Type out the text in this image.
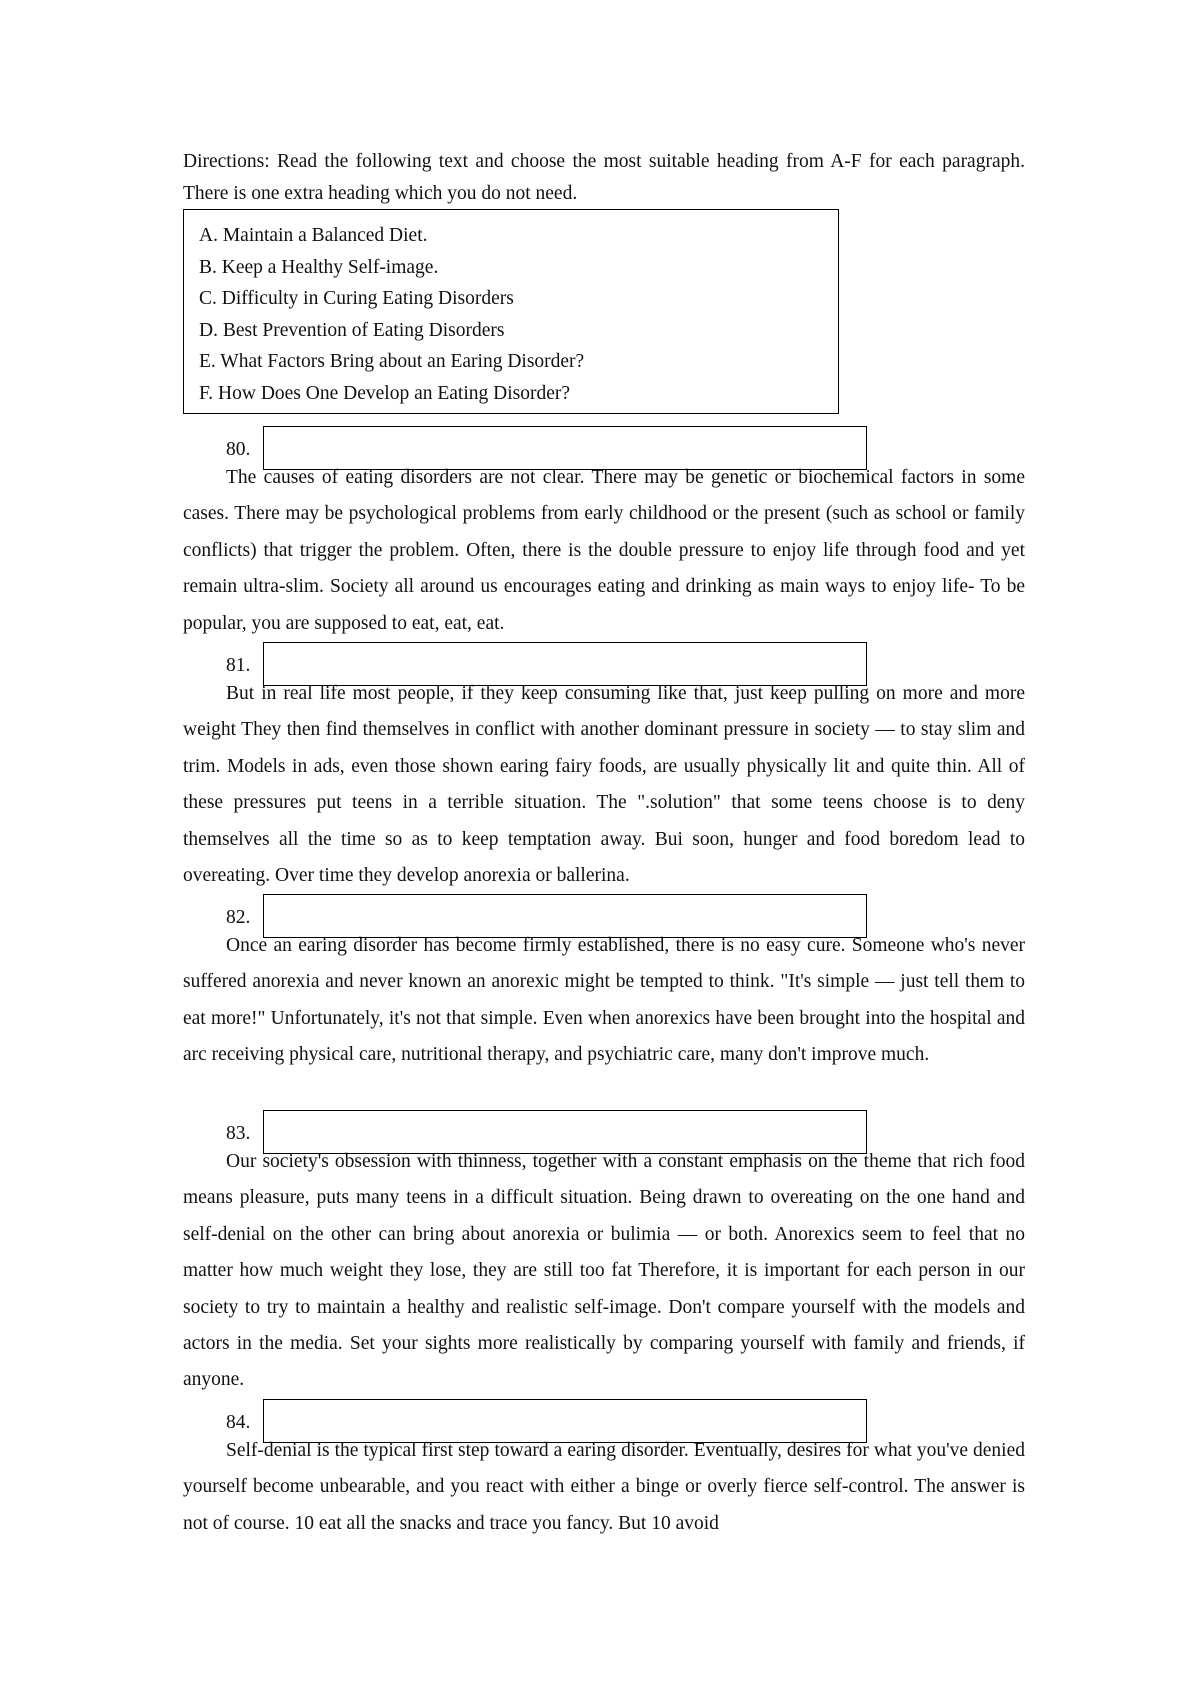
Directions: Read the following text and choose the most suitable heading from A-F for each paragraph. There is one extra heading which you do not need.

A. Maintain a Balanced Diet.
B. Keep a Healthy Self-image.
C. Difficulty in Curing Eating Disorders
D. Best Prevention of Eating Disorders
E. What Factors Bring about an Earing Disorder?
F. How Does One Develop an Eating Disorder?
80.

The causes of eating disorders are not clear. There may be genetic or biochemical factors in some cases. There may be psychological problems from early childhood or the present (such as school or family conflicts) that trigger the problem. Often, there is the double pressure to enjoy life through food and yet remain ultra-slim. Society all around us encourages eating and drinking as main ways to enjoy life- To be popular, you are supposed to eat, eat, eat.

81.

But in real life most people, if they keep consuming like that, just keep pulling on more and more weight They then find themselves in conflict with another dominant pressure in society — to stay slim and trim. Models in ads, even those shown earing fairy foods, are usually physically lit and quite thin. All of these pressures put teens in a terrible situation. The ".solution" that some teens choose is to deny themselves all the time so as to keep temptation away. Bui soon, hunger and food boredom lead to overeating. Over time they develop anorexia or ballerina.

82.

Once an earing disorder has become firmly established, there is no easy cure. Someone who's never suffered anorexia and never known an anorexic might be tempted to think. "It's simple — just tell them to eat more!" Unfortunately, it's not that simple. Even when anorexics have been brought into the hospital and arc receiving physical care, nutritional therapy, and psychiatric care, many don't improve much.

83.

Our society's obsession with thinness, together with a constant emphasis on the theme that rich food means pleasure, puts many teens in a difficult situation. Being drawn to overeating on the one hand and self-denial on the other can bring about anorexia or bulimia — or both. Anorexics seem to feel that no matter how much weight they lose, they are still too fat Therefore, it is important for each person in our society to try to maintain a healthy and realistic self-image. Don't compare yourself with the models and actors in the media. Set your sights more realistically by comparing yourself with family and friends, if anyone.

84.

Self-denial is the typical first step toward a earing disorder. Eventually, desires for what you've denied yourself become unbearable, and you react with either a binge or overly fierce self-control. The answer is not of course. 10 eat all the snacks and trace you fancy. But 10 avoid
